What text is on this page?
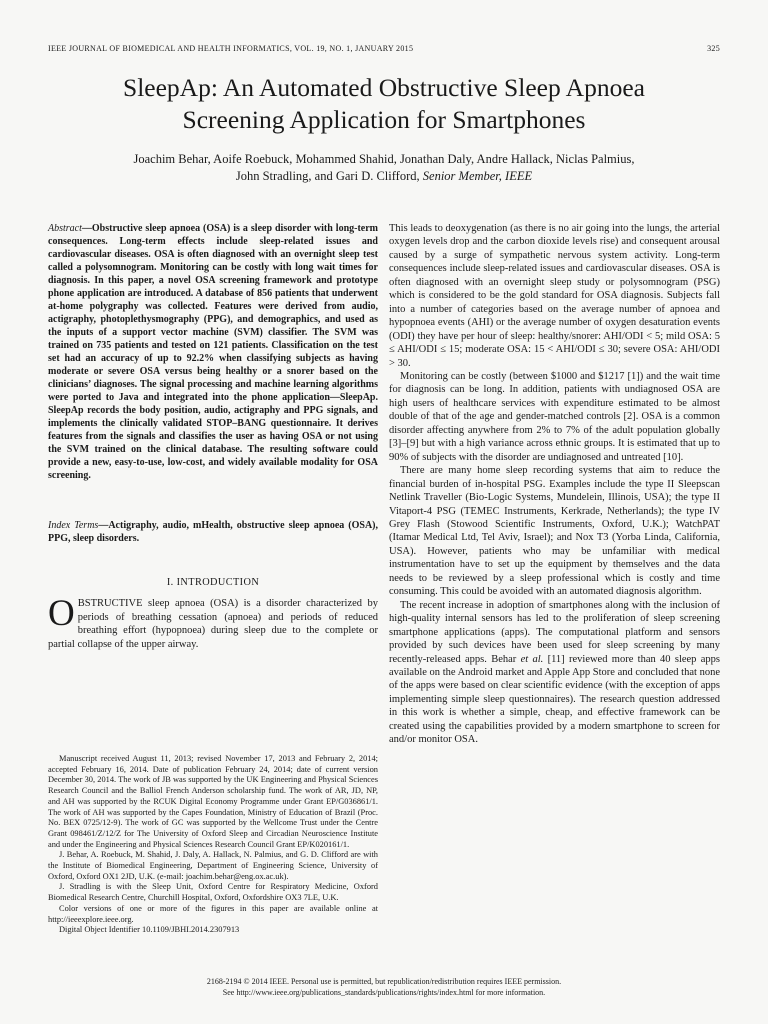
IEEE JOURNAL OF BIOMEDICAL AND HEALTH INFORMATICS, VOL. 19, NO. 1, JANUARY 2015	325
SleepAp: An Automated Obstructive Sleep Apnoea
Screening Application for Smartphones
Joachim Behar, Aoife Roebuck, Mohammed Shahid, Jonathan Daly, Andre Hallack, Niclas Palmius,
John Stradling, and Gari D. Clifford, Senior Member, IEEE
Abstract—Obstructive sleep apnoea (OSA) is a sleep disorder with long-term consequences. Long-term effects include sleep-related issues and cardiovascular diseases. OSA is often diagnosed with an overnight sleep test called a polysomnogram. Monitoring can be costly with long wait times for diagnosis. In this paper, a novel OSA screening framework and prototype phone application are introduced. A database of 856 patients that underwent at-home polygraphy was collected. Features were derived from audio, actigraphy, photoplethysmography (PPG), and demographics, and used as the inputs of a support vector machine (SVM) classifier. The SVM was trained on 735 patients and tested on 121 patients. Classification on the test set had an accuracy of up to 92.2% when classifying subjects as having moderate or severe OSA versus being healthy or a snorer based on the clinicians’ diagnoses. The signal processing and machine learning algorithms were ported to Java and integrated into the phone application—SleepAp. SleepAp records the body position, audio, actigraphy and PPG signals, and implements the clinically validated STOP–BANG questionnaire. It derives features from the signals and classifies the user as having OSA or not using the SVM trained on the clinical database. The resulting software could provide a new, easy-to-use, low-cost, and widely available modality for OSA screening.
Index Terms—Actigraphy, audio, mHealth, obstructive sleep apnoea (OSA), PPG, sleep disorders.
I. INTRODUCTION
OBSTRUCTIVE sleep apnoea (OSA) is a disorder characterized by periods of breathing cessation (apnoea) and periods of reduced breathing effort (hypopnoea) during sleep due to the complete or partial collapse of the upper airway.

Manuscript received August 11, 2013; revised November 17, 2013 and February 2, 2014; accepted February 16, 2014. Date of publication February 24, 2014; date of current version December 30, 2014. The work of JB was supported by the UK Engineering and Physical Sciences Research Council and the Balliol French Anderson scholarship fund. The work of AR, JD, NP, and AH was supported by the RCUK Digital Economy Programme under Grant EP/G036861/1. The work of AH was supported by the Capes Foundation, Ministry of Education of Brazil (Proc. No. BEX 0725/12-9). The work of GC was supported by the Wellcome Trust under the Centre Grant 098461/Z/12/Z for The University of Oxford Sleep and Circadian Neuroscience Institute and under the Engineering and Physical Sciences Research Council Grant EP/K020161/1.

J. Behar, A. Roebuck, M. Shahid, J. Daly, A. Hallack, N. Palmius, and G. D. Clifford are with the Institute of Biomedical Engineering, Department of Engineering Science, University of Oxford, Oxford OX1 2JD, U.K. (e-mail: joachim.behar@eng.ox.ac.uk).

J. Stradling is with the Sleep Unit, Oxford Centre for Respiratory Medicine, Oxford Biomedical Research Centre, Churchill Hospital, Oxford, Oxfordshire OX3 7LE, U.K.

Color versions of one or more of the figures in this paper are available online at http://ieeexplore.ieee.org.

Digital Object Identifier 10.1109/JBHI.2014.2307913

This leads to deoxygenation (as there is no air going into the lungs, the arterial oxygen levels drop and the carbon dioxide levels rise) and consequent arousal caused by a surge of sympathetic nervous system activity. Long-term consequences include sleep-related issues and cardiovascular diseases. OSA is often diagnosed with an overnight sleep study or polysomnogram (PSG) which is considered to be the gold standard for OSA diagnosis. Subjects fall into a number of categories based on the average number of apnoea and hypopnoea events (AHI) or the average number of oxygen desaturation events (ODI) they have per hour of sleep: healthy/snorer: AHI/ODI < 5; mild OSA: 5 ≤ AHI/ODI ≤ 15; moderate OSA: 15 < AHI/ODI ≤ 30; severe OSA: AHI/ODI > 30.

Monitoring can be costly (between $1000 and $1217 [1]) and the wait time for diagnosis can be long. In addition, patients with undiagnosed OSA are high users of healthcare services with expenditure estimated to be almost double of that of the age and gender-matched controls [2]. OSA is a common disorder affecting anywhere from 2% to 7% of the adult population globally [3]–[9] but with a high variance across ethnic groups. It is estimated that up to 90% of subjects with the disorder are undiagnosed and untreated [10].

There are many home sleep recording systems that aim to reduce the financial burden of in-hospital PSG. Examples include the type II Sleepscan Netlink Traveller (Bio-Logic Systems, Mundelein, Illinois, USA); the type II Vitaport-4 PSG (TEMEC Instruments, Kerkrade, Netherlands); the type IV Grey Flash (Stowood Scientific Instruments, Oxford, U.K.); WatchPAT (Itamar Medical Ltd, Tel Aviv, Israel); and Nox T3 (Yorba Linda, California, USA). However, patients who may be unfamiliar with medical instrumentation have to set up the equipment by themselves and the data needs to be reviewed by a sleep professional which is costly and time consuming. This could be avoided with an automated diagnosis algorithm.

The recent increase in adoption of smartphones along with the inclusion of high-quality internal sensors has led to the proliferation of sleep screening smartphone applications (apps). The computational platform and sensors provided by such devices have been used for sleep screening by many recently-released apps. Behar et al. [11] reviewed more than 40 sleep apps available on the Android market and Apple App Store and concluded that none of the apps were based on clear scientific evidence (with the exception of apps implementing simple sleep questionnaires). The research question addressed in this work is whether a simple, cheap, and effective framework can be created using the capabilities provided by a modern smartphone to screen for and/or monitor OSA.

2168-2194 © 2014 IEEE. Personal use is permitted, but republication/redistribution requires IEEE permission.
See http://www.ieee.org/publications_standards/publications/rights/index.html for more information.
